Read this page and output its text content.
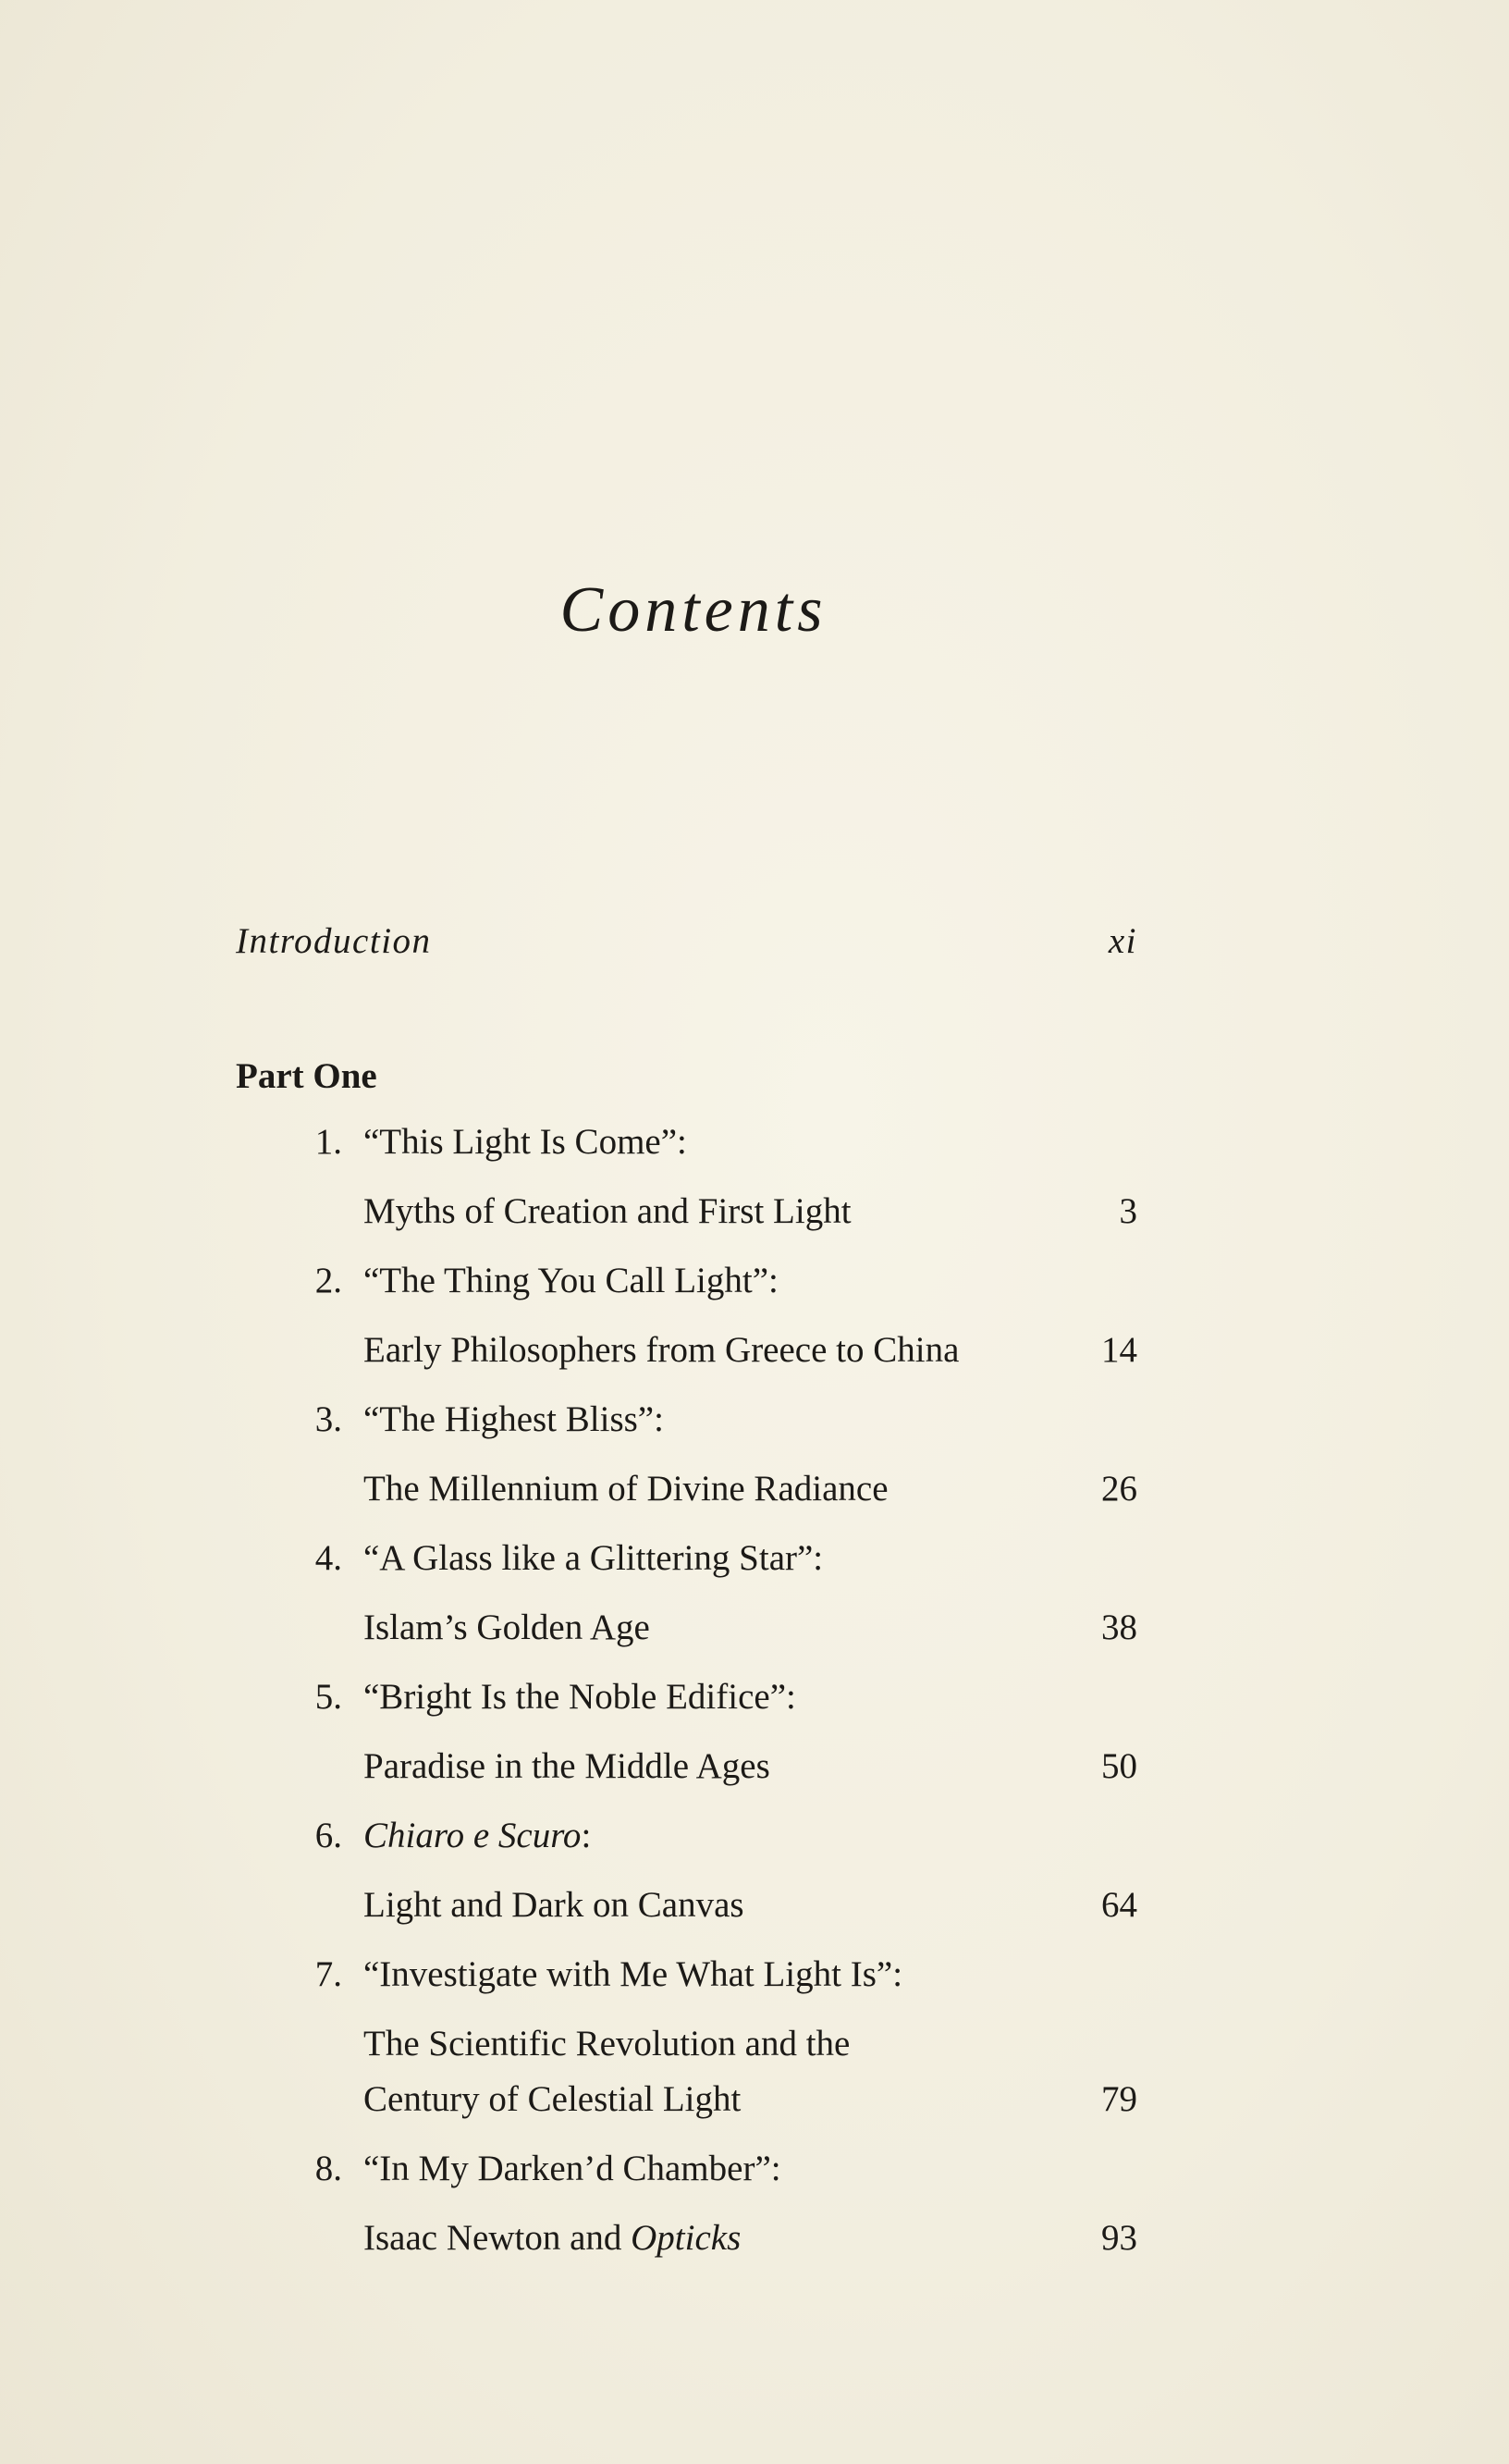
Contents
Introduction	xi
Part One
1. “This Light Is Come”:
Myths of Creation and First Light	3
2. “The Thing You Call Light”:
Early Philosophers from Greece to China	14
3. “The Highest Bliss”:
The Millennium of Divine Radiance	26
4. “A Glass like a Glittering Star”:
Islam’s Golden Age	38
5. “Bright Is the Noble Edifice”:
Paradise in the Middle Ages	50
6. Chiaro e Scuro:
Light and Dark on Canvas	64
7. “Investigate with Me What Light Is”:
The Scientific Revolution and the
Century of Celestial Light	79
8. “In My Darken’d Chamber”:
Isaac Newton and Opticks	93
